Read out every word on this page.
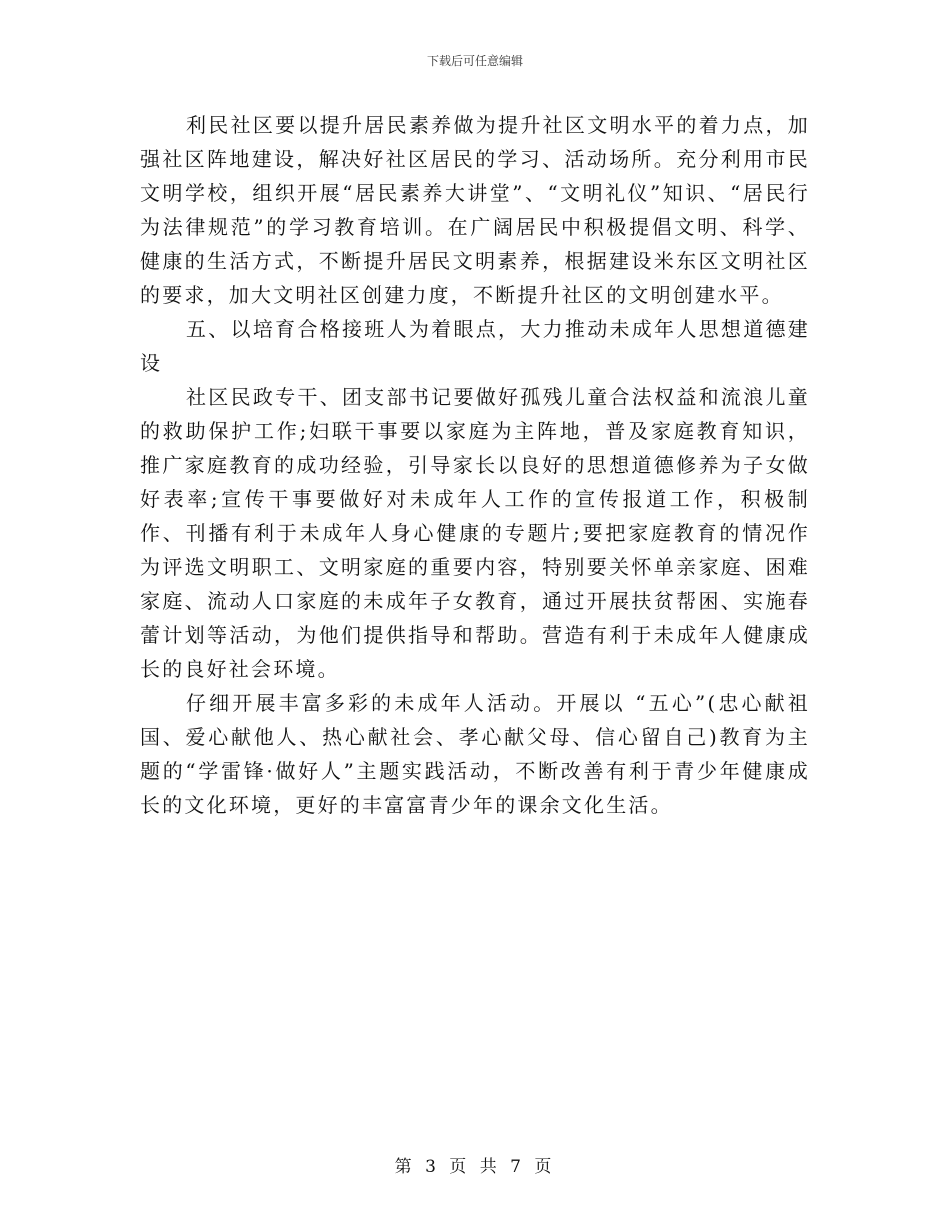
下载后可任意编辑

利民社区要以提升居民素养做为提升社区文明水平的着力点，加强社区阵地建设，解决好社区居民的学习、活动场所。充分利用市民文明学校，组织开展“居民素养大讲堂”、“文明礼仪”知识、“居民行为法律规范”的学习教育培训。在广阔居民中积极提倡文明、科学、健康的生活方式，不断提升居民文明素养，根据建设米东区文明社区的要求，加大文明社区创建力度，不断提升社区的文明创建水平。

五、以培育合格接班人为着眼点，大力推动未成年人思想道德建设

社区民政专干、团支部书记要做好孤残儿童合法权益和流浪儿童的救助保护工作;妇联干事要以家庭为主阵地，普及家庭教育知识，推广家庭教育的成功经验，引导家长以良好的思想道德修养为子女做好表率;宣传干事要做好对未成年人工作的宣传报道工作，积极制作、刊播有利于未成年人身心健康的专题片;要把家庭教育的情况作为评选文明职工、文明家庭的重要内容，特别要关怀单亲家庭、困难家庭、流动人口家庭的未成年子女教育，通过开展扶贫帮困、实施春蕾计划等活动，为他们提供指导和帮助。营造有利于未成年人健康成长的良好社会环境。

仔细开展丰富多彩的未成年人活动。开展以 “五心”(忠心献祖国、爱心献他人、热心献社会、孝心献父母、信心留自己)教育为主题的“学雷锋·做好人”主题实践活动，不断改善有利于青少年健康成长的文化环境，更好的丰富富青少年的课余文化生活。

第 3 页 共 7 页
